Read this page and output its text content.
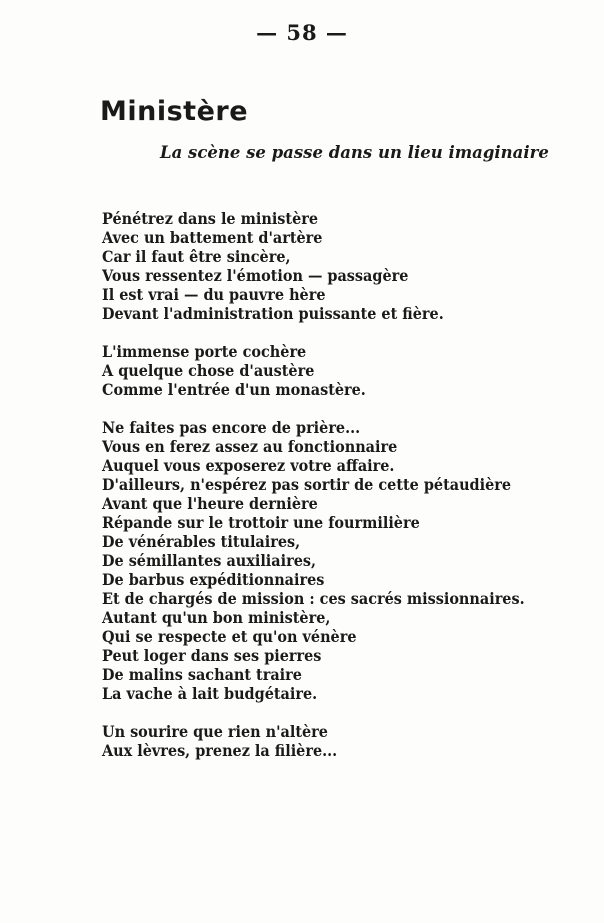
— 58 —
Ministère

La scène se passe dans un lieu imaginaire

Pénétrez dans le ministère
Avec un battement d'artère
Car il faut être sincère,
Vous ressentez l'émotion — passagère
Il est vrai — du pauvre hère
Devant l'administration puissante et fière.
L'immense porte cochère
A quelque chose d'austère
Comme l'entrée d'un monastère.
Ne faites pas encore de prière...
Vous en ferez assez au fonctionnaire
Auquel vous exposerez votre affaire.
D'ailleurs, n'espérez pas sortir de cette pétaudière
Avant que l'heure dernière
Répande sur le trottoir une fourmilière
De vénérables titulaires,
De sémillantes auxiliaires,
De barbus expéditionnaires
Et de chargés de mission : ces sacrés missionnaires.
Autant qu'un bon ministère,
Qui se respecte et qu'on vénère
Peut loger dans ses pierres
De malins sachant traire
La vache à lait budgétaire.
Un sourire que rien n'altère
Aux lèvres, prenez la filière...
